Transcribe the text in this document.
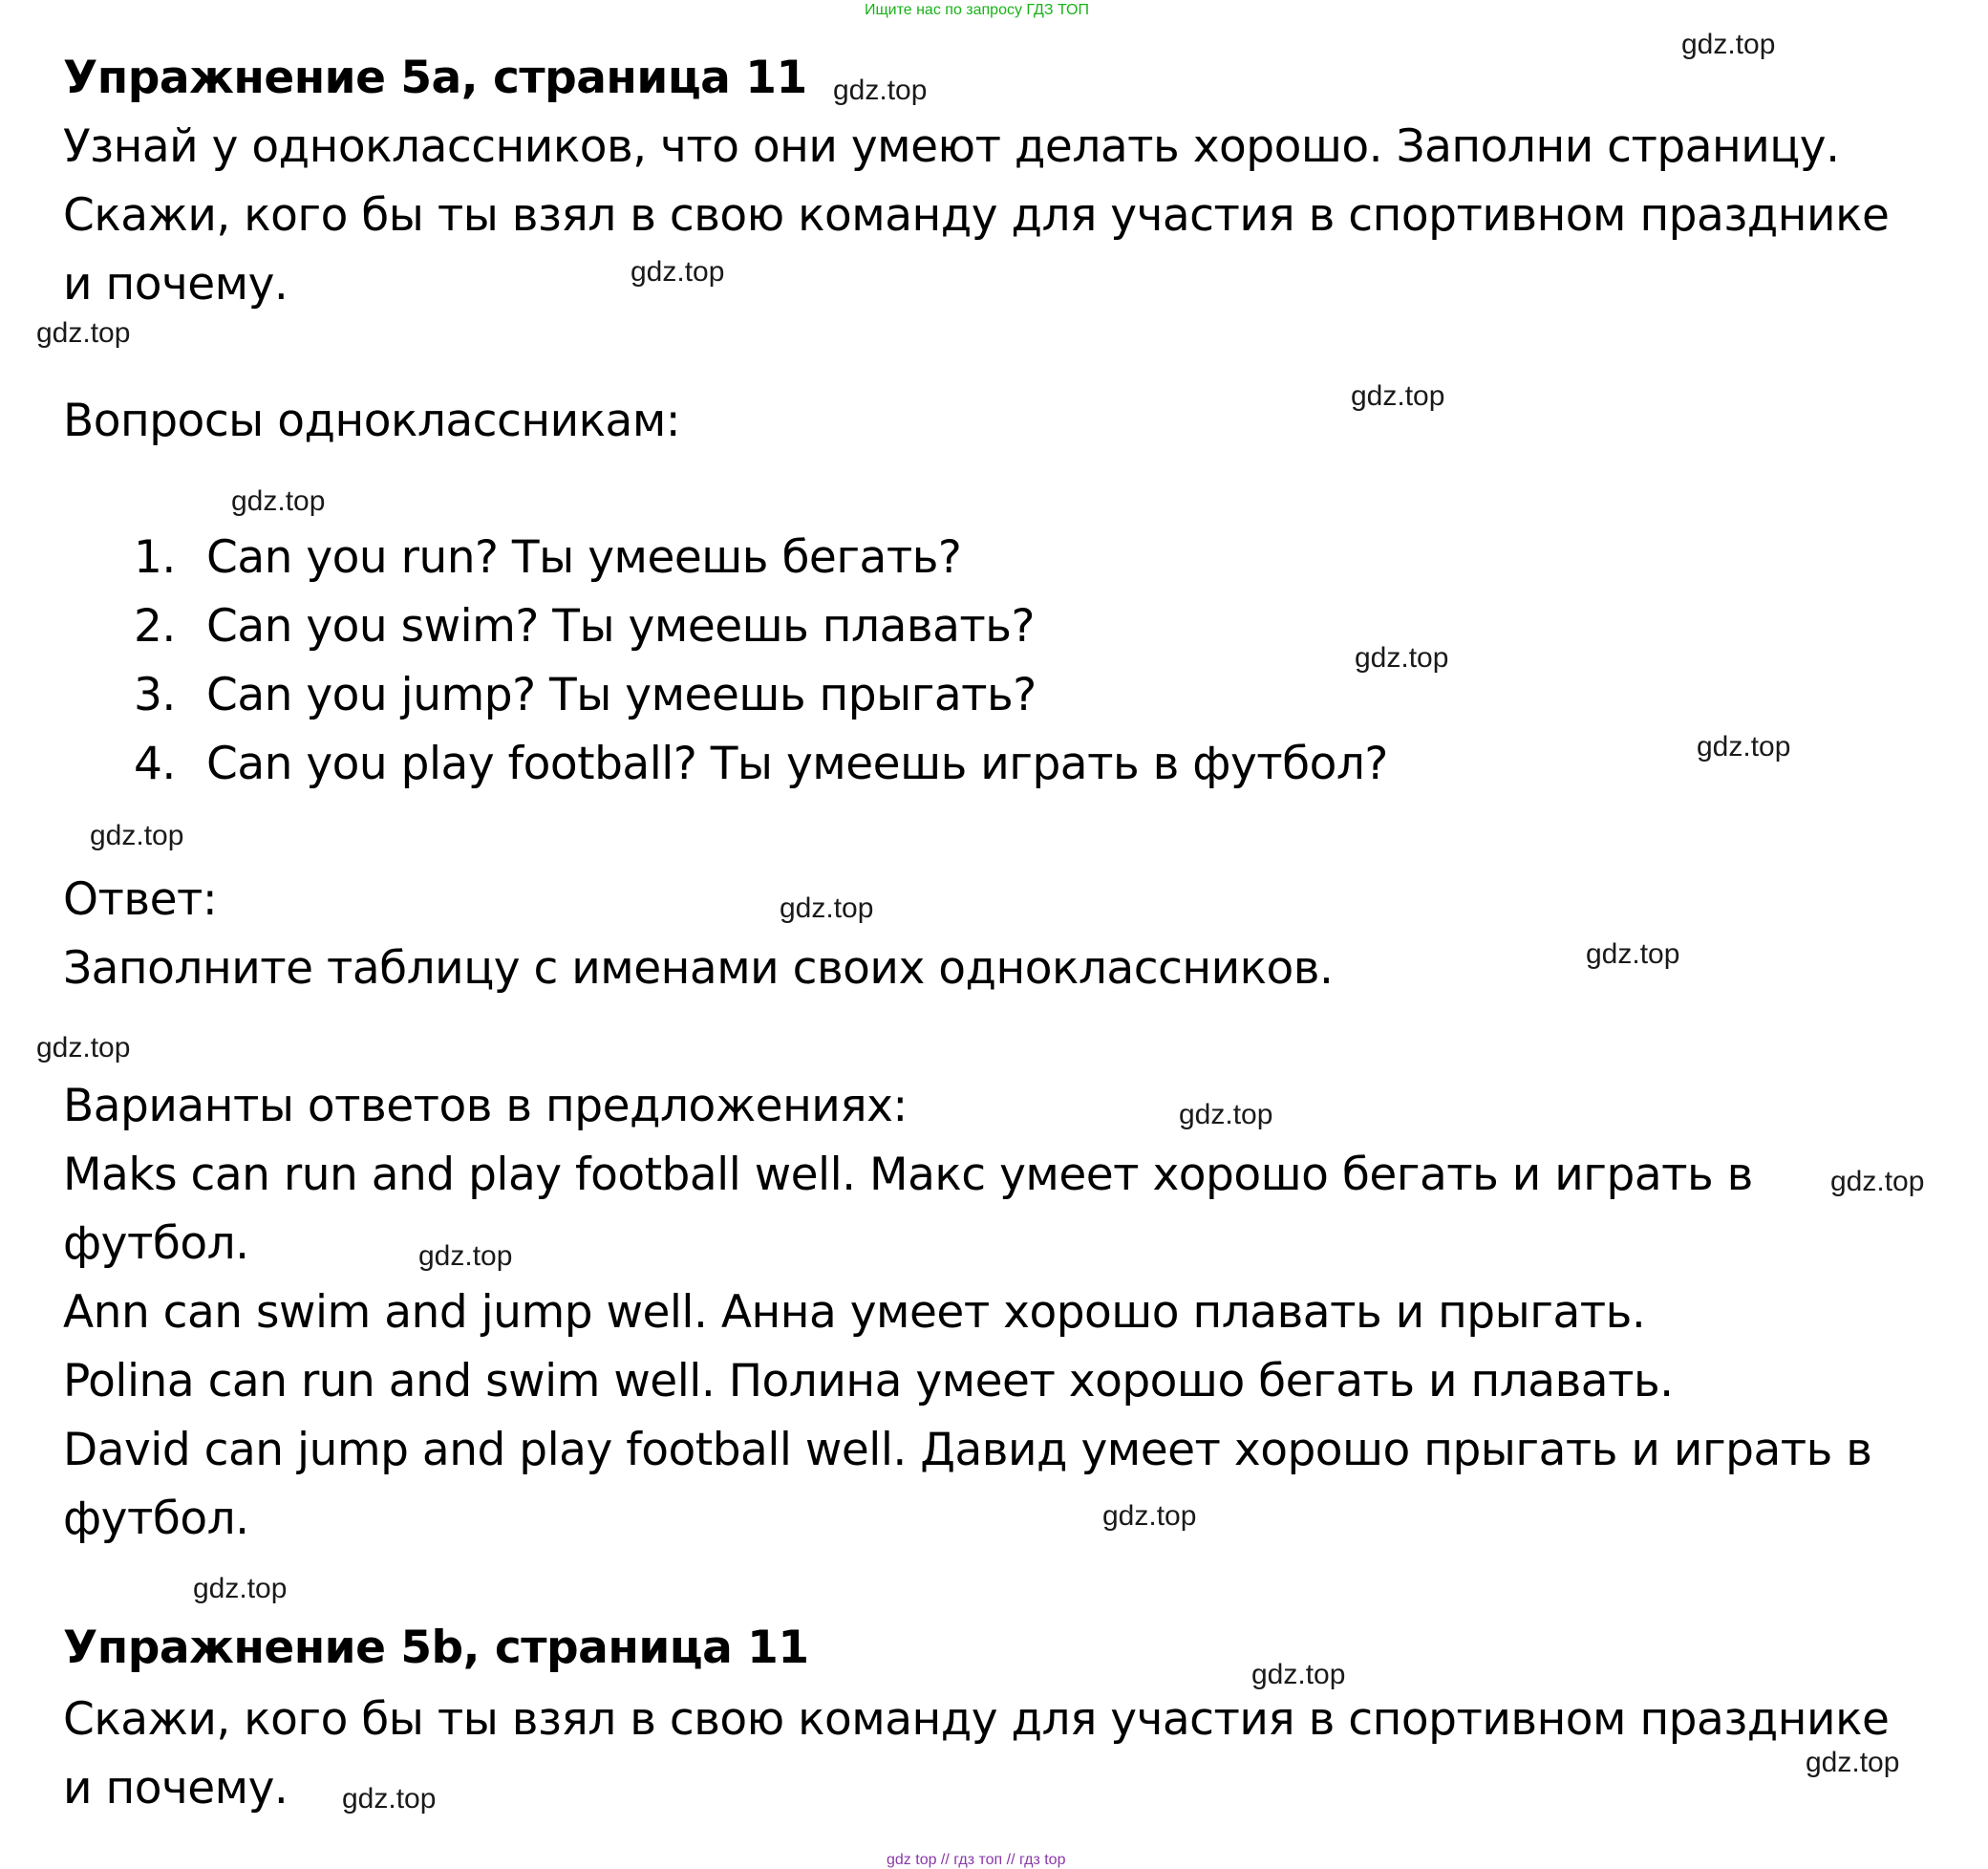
Ищите нас по запросу ГДЗ ТОП
Упражнение 5а, страница 11
Узнай у одноклассников, что они умеют делать хорошо. Заполни страницу.
Скажи, кого бы ты взял в свою команду для участия в спортивном празднике
и почему.
Вопросы одноклассникам:
1. Can you run? Ты умеешь бегать?
2. Can you swim? Ты умеешь плавать?
3. Can you jump? Ты умеешь прыгать?
4. Can you play football? Ты умеешь играть в футбол?
Ответ:
Заполните таблицу с именами своих одноклассников.
Варианты ответов в предложениях:
Maks can run and play football well. Макс умеет хорошо бегать и играть в
футбол.
Ann can swim and jump well. Анна умеет хорошо плавать и прыгать.
Polina can run and swim well. Полина умеет хорошо бегать и плавать.
David can jump and play football well. Давид умеет хорошо прыгать и играть в
футбол.
Упражнение 5b, страница 11
Скажи, кого бы ты взял в свою команду для участия в спортивном празднике
и почему.
gdz.top
gdz.top
gdz.top
gdz.top
gdz.top
gdz.top
gdz.top
gdz.top
gdz.top
gdz.top
gdz.top
gdz.top
gdz.top
gdz.top
gdz.top
gdz.top
gdz.top
gdz.top
gdz.top
gdz.top
gdz top // гдз топ // гдз top
